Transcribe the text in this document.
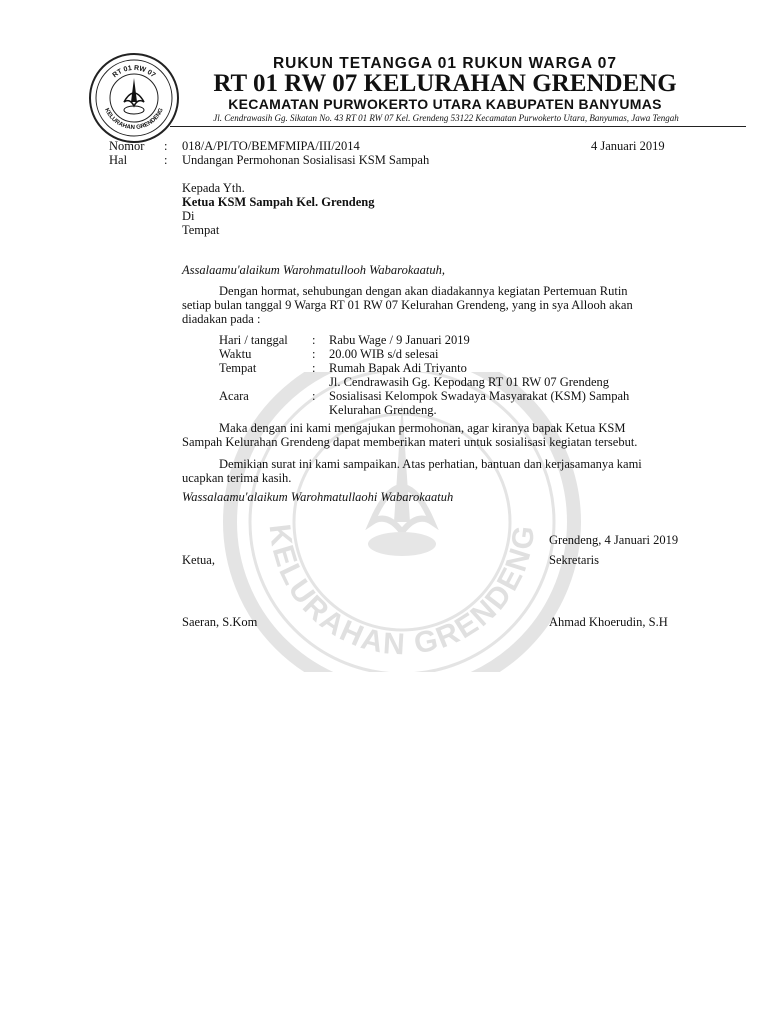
KELURAHAN GRENDENG
RT 01 RW 07
KELURAHAN GRENDENG
RUKUN TETANGGA 01 RUKUN WARGA 07
RT 01 RW 07 KELURAHAN GRENDENG
KECAMATAN PURWOKERTO UTARA KABUPATEN BANYUMAS
Jl. Cendrawasih Gg. Sikatan No. 43 RT 01 RW 07 Kel. Grendeng 53122 Kecamatan Purwokerto Utara, Banyumas, Jawa Tengah
Nomor : 018/A/PI/TO/BEMFMIPA/III/2014	4 Januari 2019
Hal	: Undangan Permohonan Sosialisasi KSM Sampah
Kepada Yth.
Ketua KSM Sampah Kel. Grendeng
Di
Tempat
Assalaamu'alaikum Warohmatullooh Wabarokaatuh,
Dengan hormat, sehubungan dengan akan diadakannya kegiatan Pertemuan Rutin
setiap bulan tanggal 9 Warga RT 01 RW 07 Kelurahan Grendeng, yang in sya Allooh akan
diadakan pada :
Hari / tanggal : Rabu Wage / 9 Januari 2019
Waktu	: 20.00 WIB s/d selesai
Tempat	: Rumah Bapak Adi Triyanto
Jl. Cendrawasih Gg. Kepodang RT 01 RW 07 Grendeng
Acara	: Sosialisasi Kelompok Swadaya Masyarakat (KSM) Sampah
Kelurahan Grendeng.
Maka dengan ini kami mengajukan permohonan, agar kiranya bapak Ketua KSM
Sampah Kelurahan Grendeng dapat memberikan materi untuk sosialisasi kegiatan tersebut.
Demikian surat ini kami sampaikan. Atas perhatian, bantuan dan kerjasamanya kami
ucapkan terima kasih.
Wassalaamu'alaikum Warohmatullaohi Wabarokaatuh
Grendeng, 4 Januari 2019
Ketua,	Sekretaris
Saeran, S.Kom	Ahmad Khoerudin, S.H
